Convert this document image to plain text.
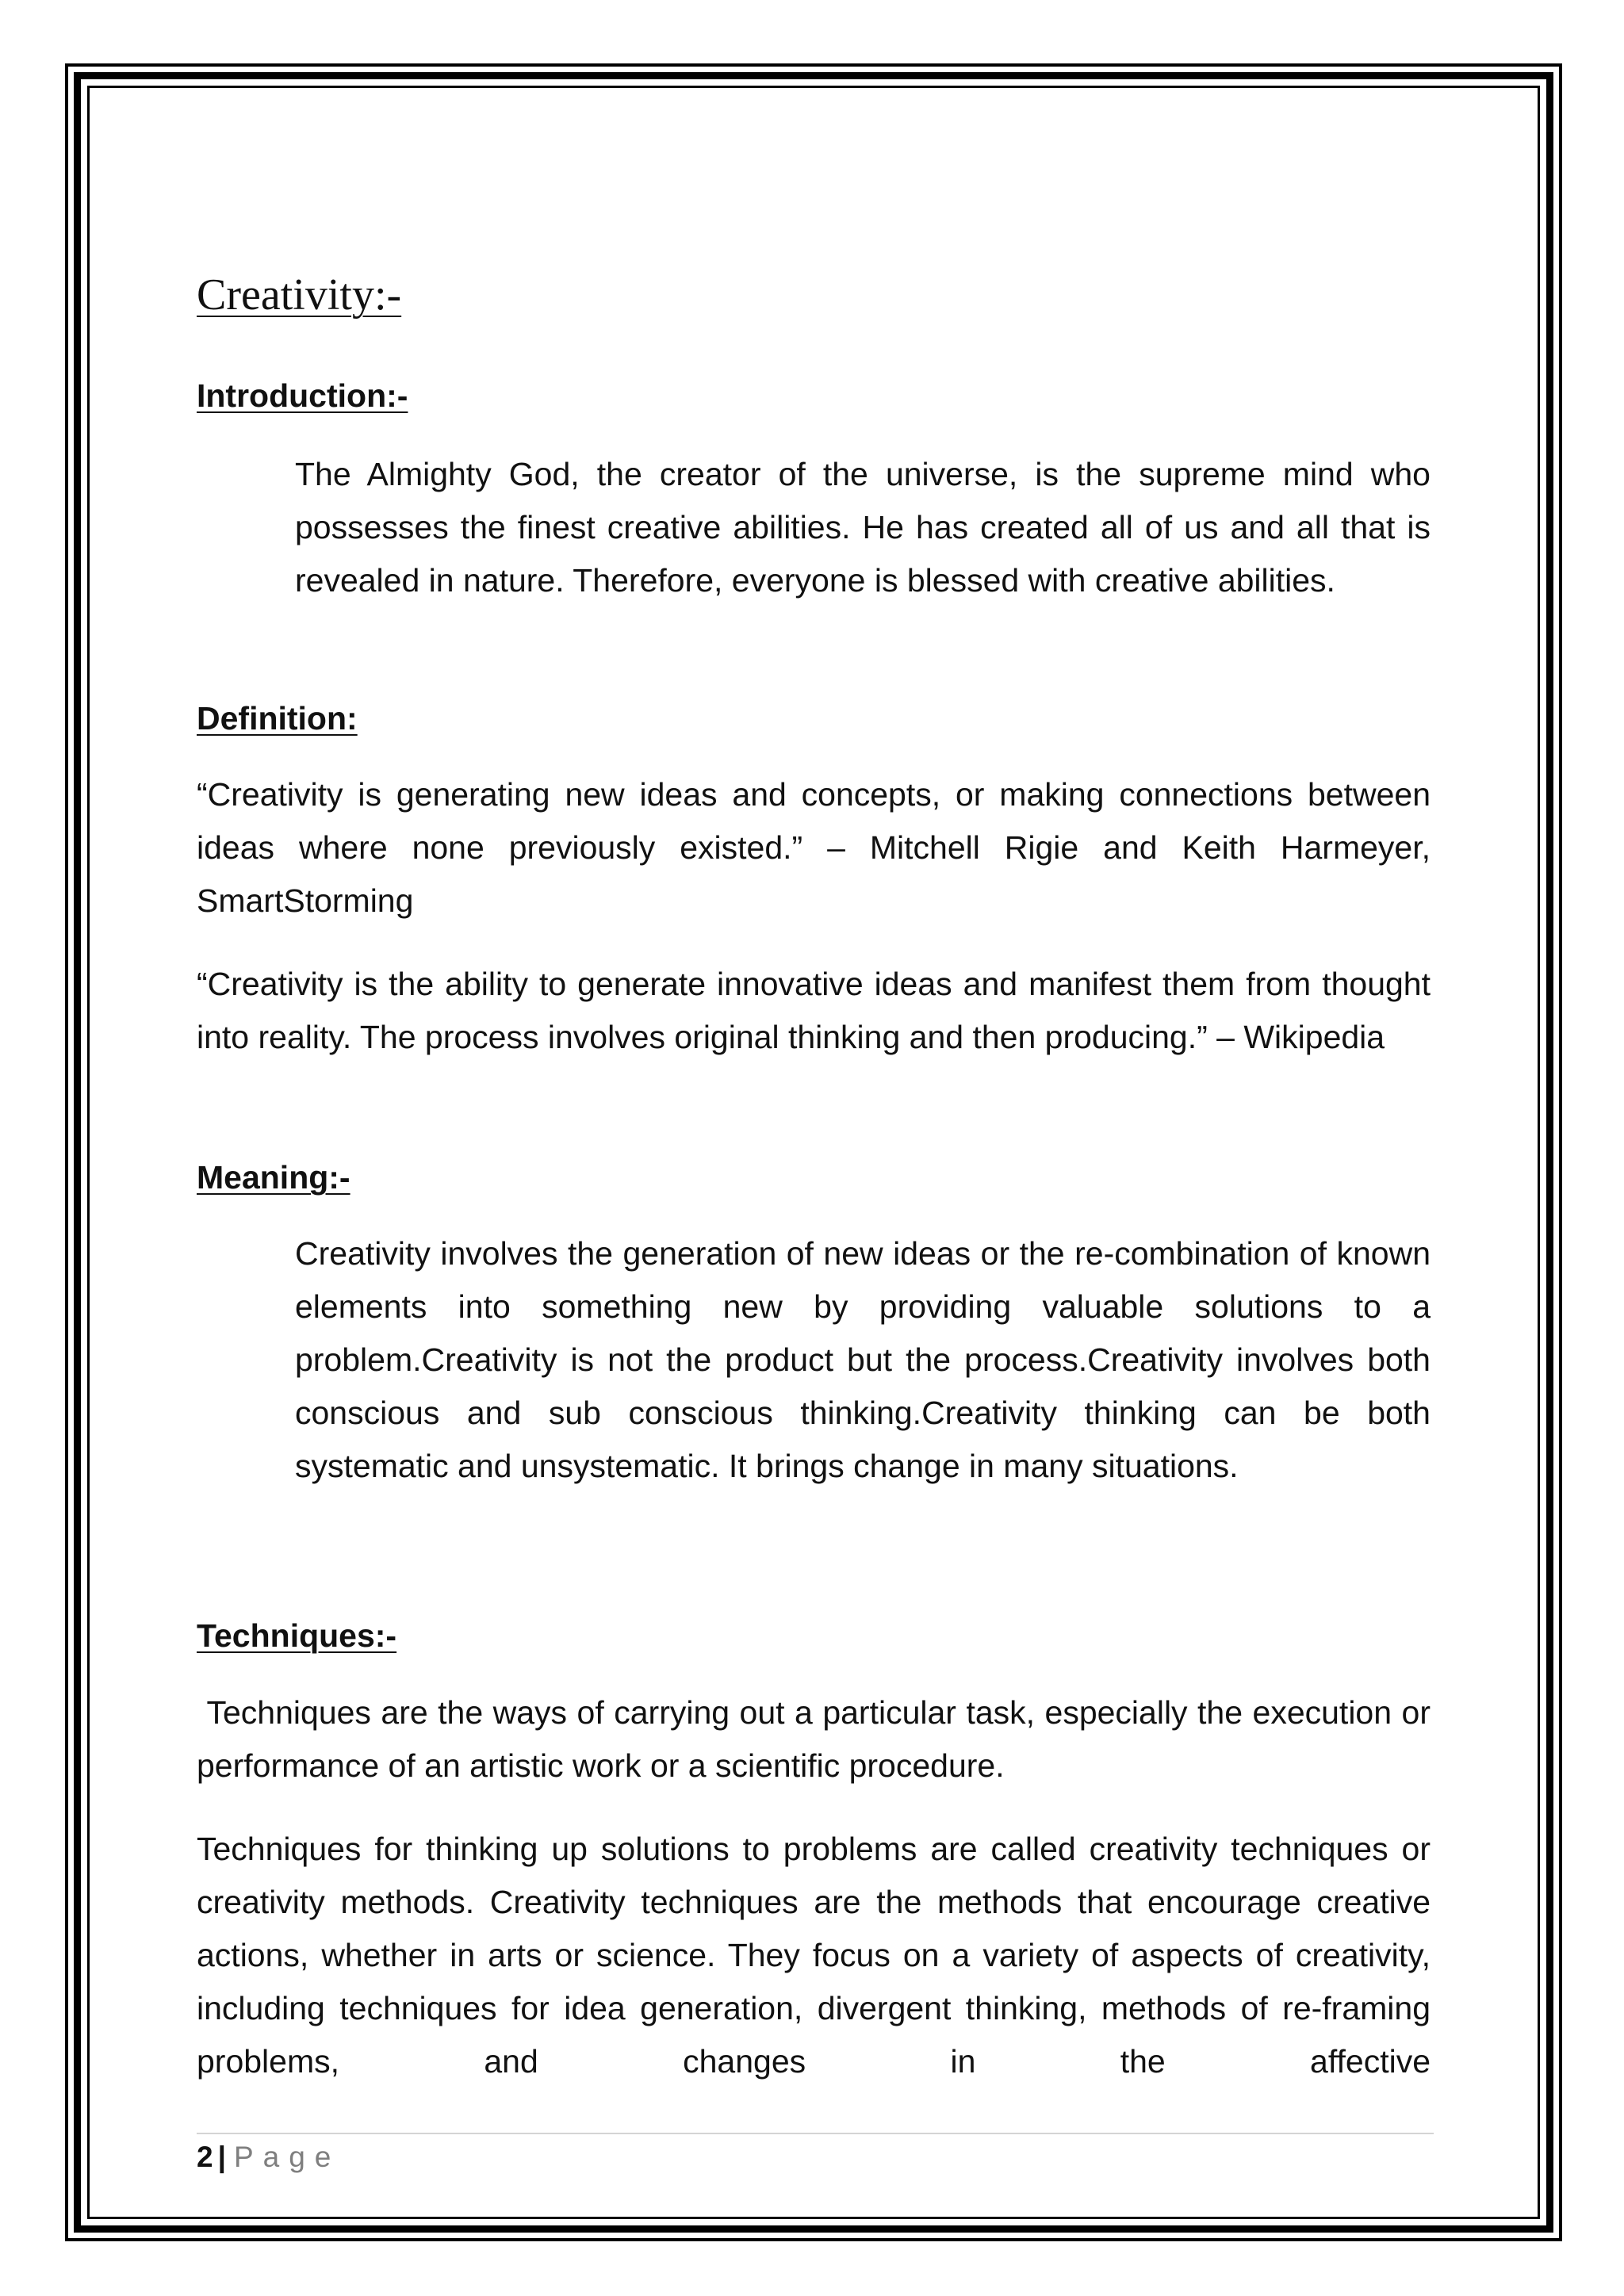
Creativity:-
Introduction:-

The Almighty God, the creator of the universe, is the supreme mind who possesses the finest creative abilities. He has created all of us and all that is revealed in nature. Therefore, everyone is blessed with creative abilities.

Definition:

“Creativity is generating new ideas and concepts, or making connections between ideas where none previously existed.” – Mitchell Rigie and Keith Harmeyer, SmartStorming

“Creativity is the ability to generate innovative ideas and manifest them from thought into reality. The process involves original thinking and then producing.” – Wikipedia

Meaning:-

Creativity involves the generation of new ideas or the re-combination of known elements into something new by providing valuable solutions to a problem.Creativity is not the product but the process.Creativity involves both conscious and sub conscious thinking.Creativity thinking can be both systematic and unsystematic. It brings change in many situations.

Techniques:-

Techniques are the ways of carrying out a particular task, especially the execution or performance of an artistic work or a scientific procedure.

Techniques for thinking up solutions to problems are called creativity techniques or creativity methods. Creativity techniques are the methods that encourage creative actions, whether in arts or science. They focus on a variety of aspects of creativity, including techniques for idea generation, divergent thinking, methods of re-framing problems, and changes in the affective

2 | Page
